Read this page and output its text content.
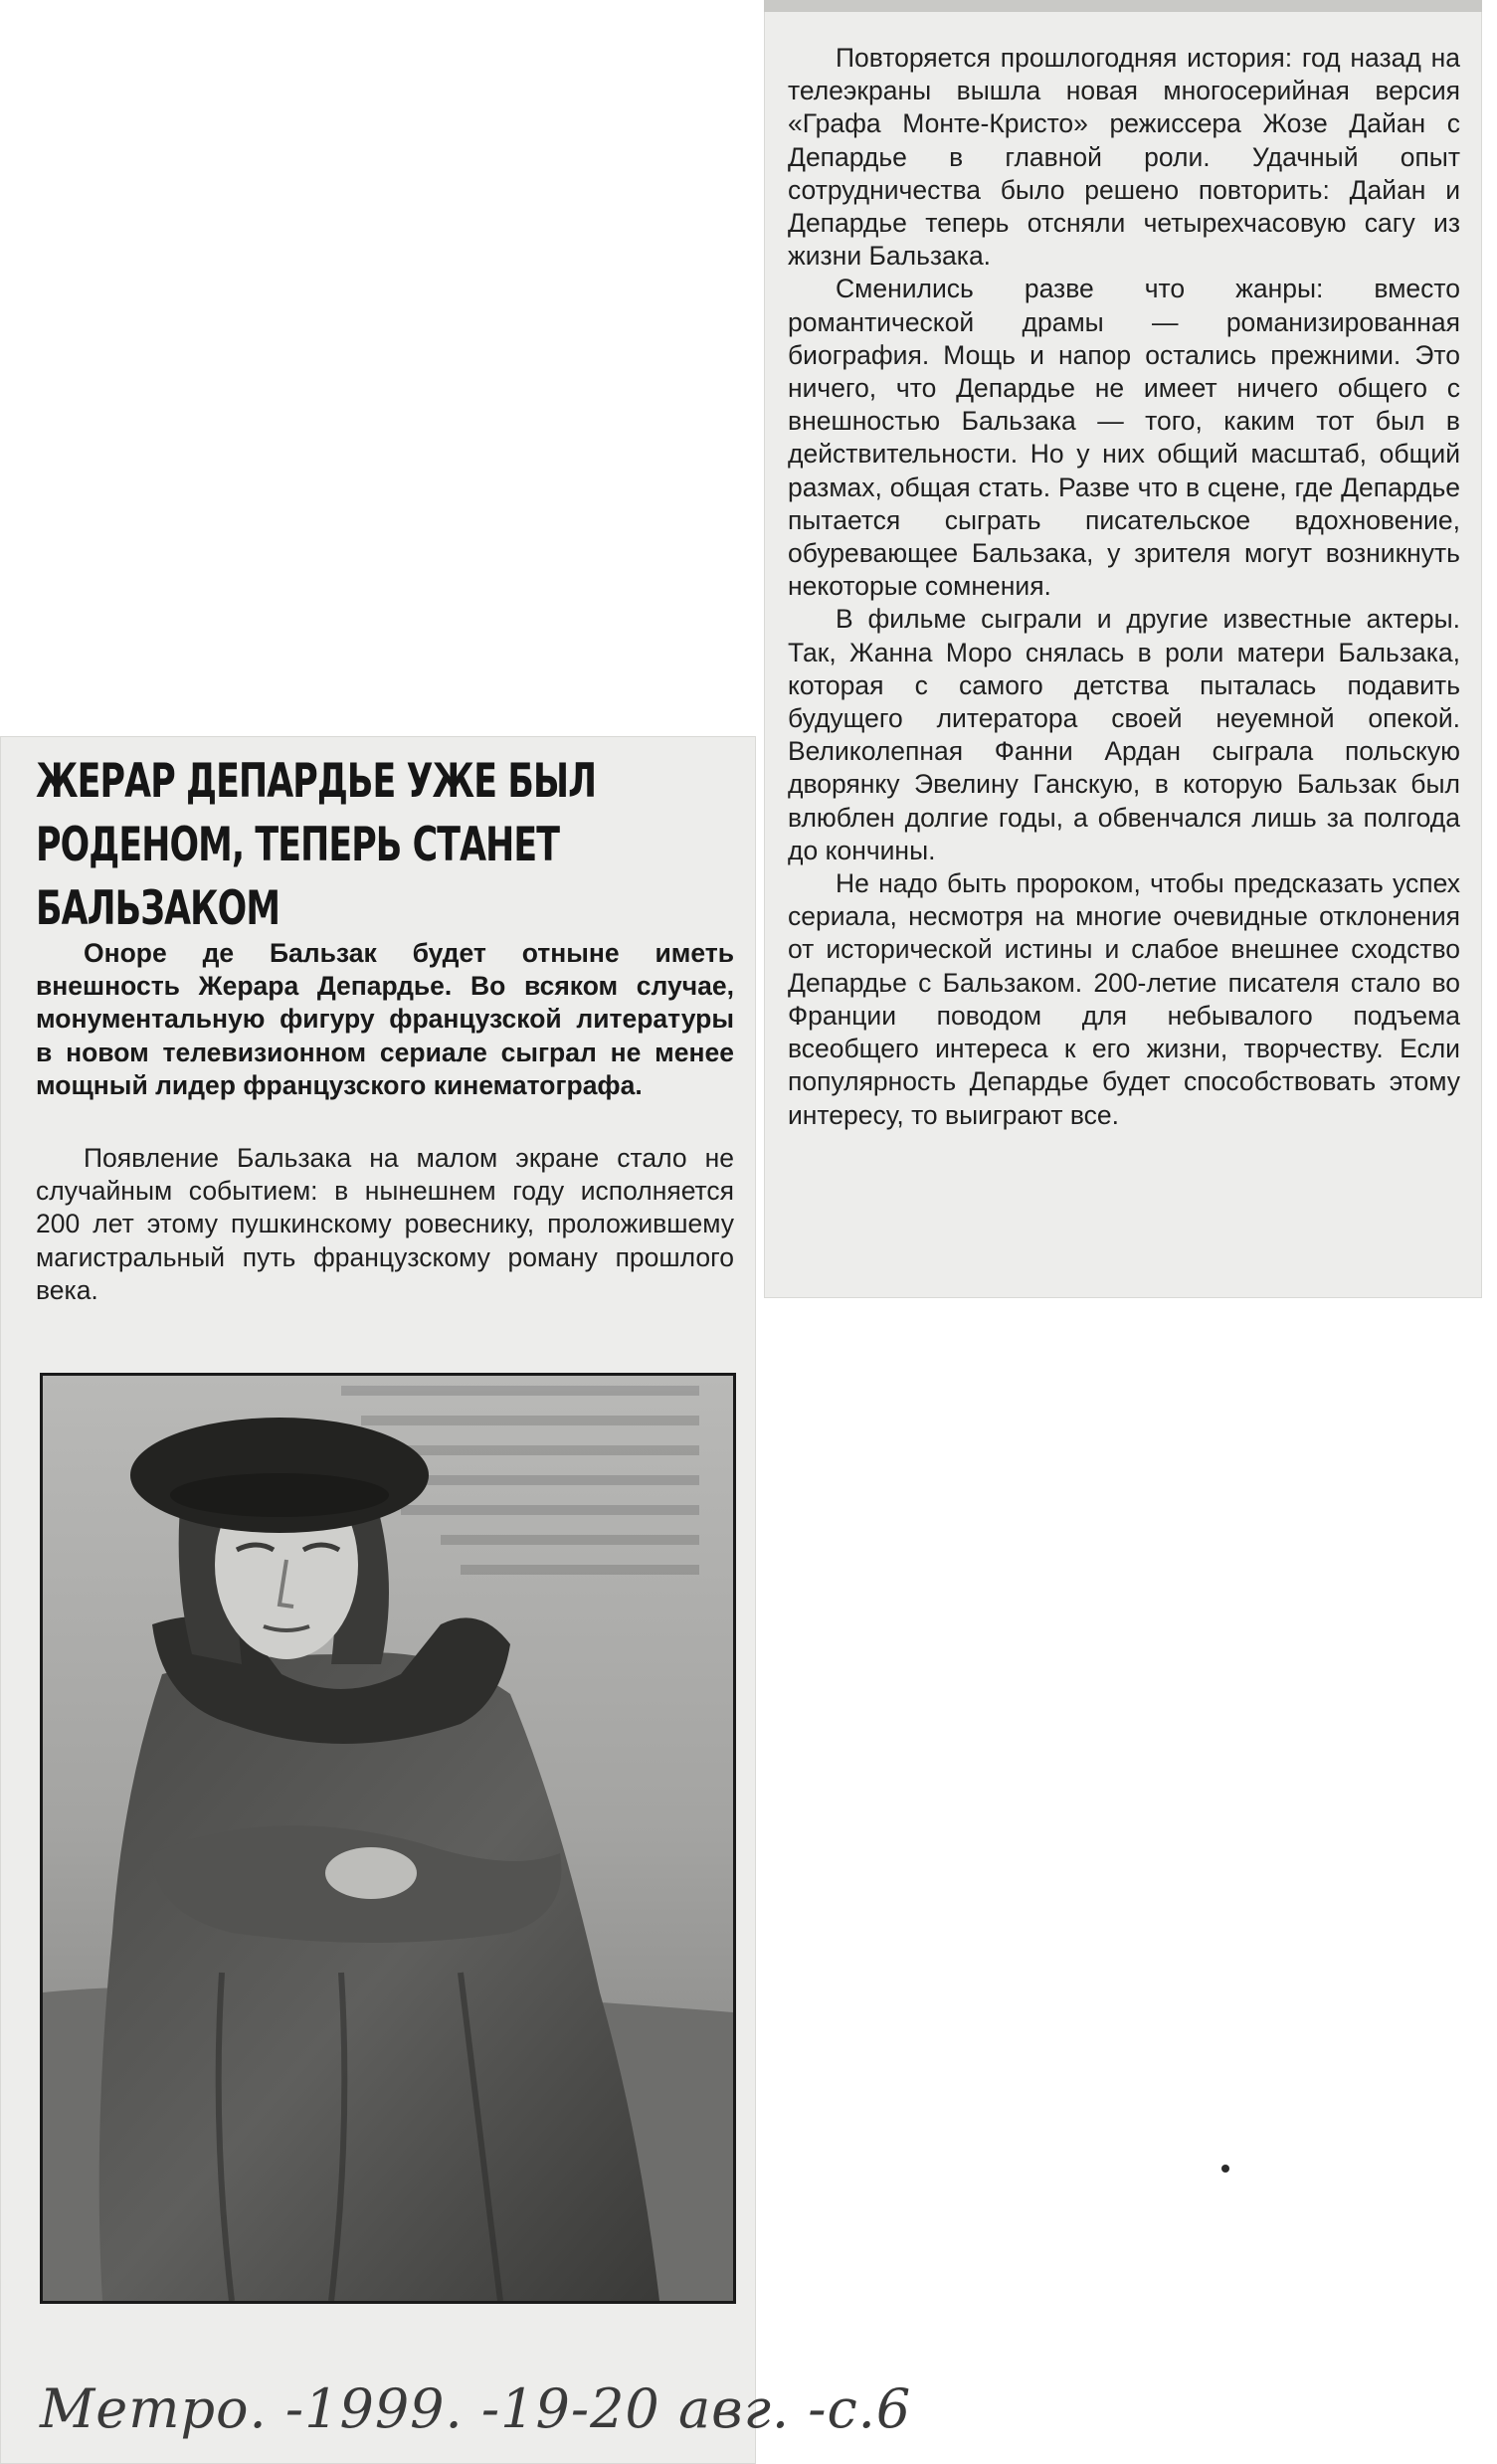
Повторяется прошлогодняя история: год назад на телеэкраны вышла новая многосерийная версия «Графа Монте-Кристо» режиссера Жозе Дайан с Депардье в главной роли. Удачный опыт сотрудничества было решено повторить: Дайан и Депардье теперь отсняли четырехчасовую сагу из жизни Бальзака.

Сменились разве что жанры: вместо романтической драмы — романизированная биография. Мощь и напор остались прежними. Это ничего, что Депардье не имеет ничего общего с внешностью Бальзака — того, каким тот был в действительности. Но у них общий масштаб, общий размах, общая стать. Разве что в сцене, где Депардье пытается сыграть писательское вдохновение, обуревающее Бальзака, у зрителя могут возникнуть некоторые сомнения.

В фильме сыграли и другие известные актеры. Так, Жанна Моро снялась в роли матери Бальзака, которая с самого детства пыталась подавить будущего литератора своей неуемной опекой. Великолепная Фанни Ардан сыграла польскую дворянку Эвелину Ганскую, в которую Бальзак был влюблен долгие годы, а обвенчался лишь за полгода до кончины.

Не надо быть пророком, чтобы предсказать успех сериала, несмотря на многие очевидные отклонения от исторической истины и слабое внешнее сходство Депардье с Бальзаком. 200-летие писателя стало во Франции поводом для небывалого подъема всеобщего интереса к его жизни, творчеству. Если популярность Депардье будет способствовать этому интересу, то выиграют все.

ЖЕРАР ДЕПАРДЬЕ УЖЕ БЫЛ
РОДЕНОМ, ТЕПЕРЬ СТАНЕТ
БАЛЬЗАКОМ

Оноре де Бальзак будет отныне иметь внешность Жерара Депардье. Во всяком случае, монументальную фигуру французской литературы в новом телевизионном сериале сыграл не менее мощный лидер французского кинематографа.

Появление Бальзака на малом экране стало не случайным событием: в нынешнем году исполняется 200 лет этому пушкинскому ровеснику, проложившему магистральный путь французскому роману прошлого века.

Метро. -1999. -19-20 авг. -с.6
